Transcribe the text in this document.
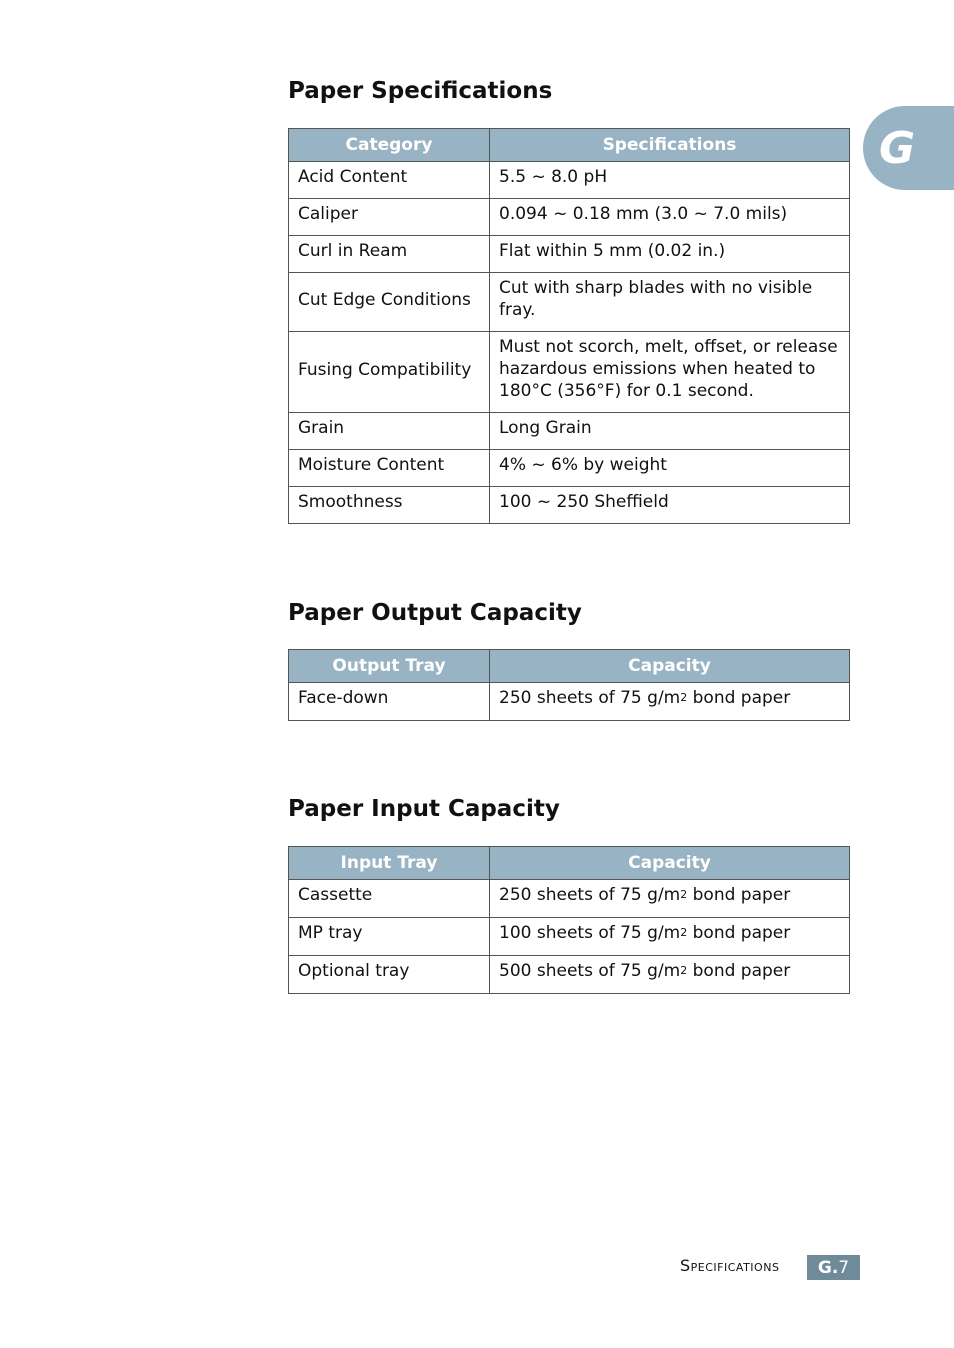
G
Paper Specifications
Category	Specifications
Acid Content	5.5 ~ 8.0 pH
Caliper	0.094 ~ 0.18 mm (3.0 ~ 7.0 mils)
Curl in Ream	Flat within 5 mm (0.02 in.)
Cut Edge Conditions	Cut with sharp blades with no visible fray.
Fusing Compatibility	Must not scorch, melt, offset, or release hazardous emissions when heated to 180°C (356°F) for 0.1 second.
Grain	Long Grain
Moisture Content	4% ~ 6% by weight
Smoothness	100 ~ 250 Sheffield
Paper Output Capacity
Output Tray	Capacity
Face-down	250 sheets of 75 $g/m^2$ bond paper
Paper Input Capacity
Input Tray	Capacity
Cassette	250 sheets of 75 $g/m^2$ bond paper
MP tray	100 sheets of 75 $g/m^2$ bond paper
Optional tray	500 sheets of 75 $g/m^2$ bond paper
Specifications G. 7
